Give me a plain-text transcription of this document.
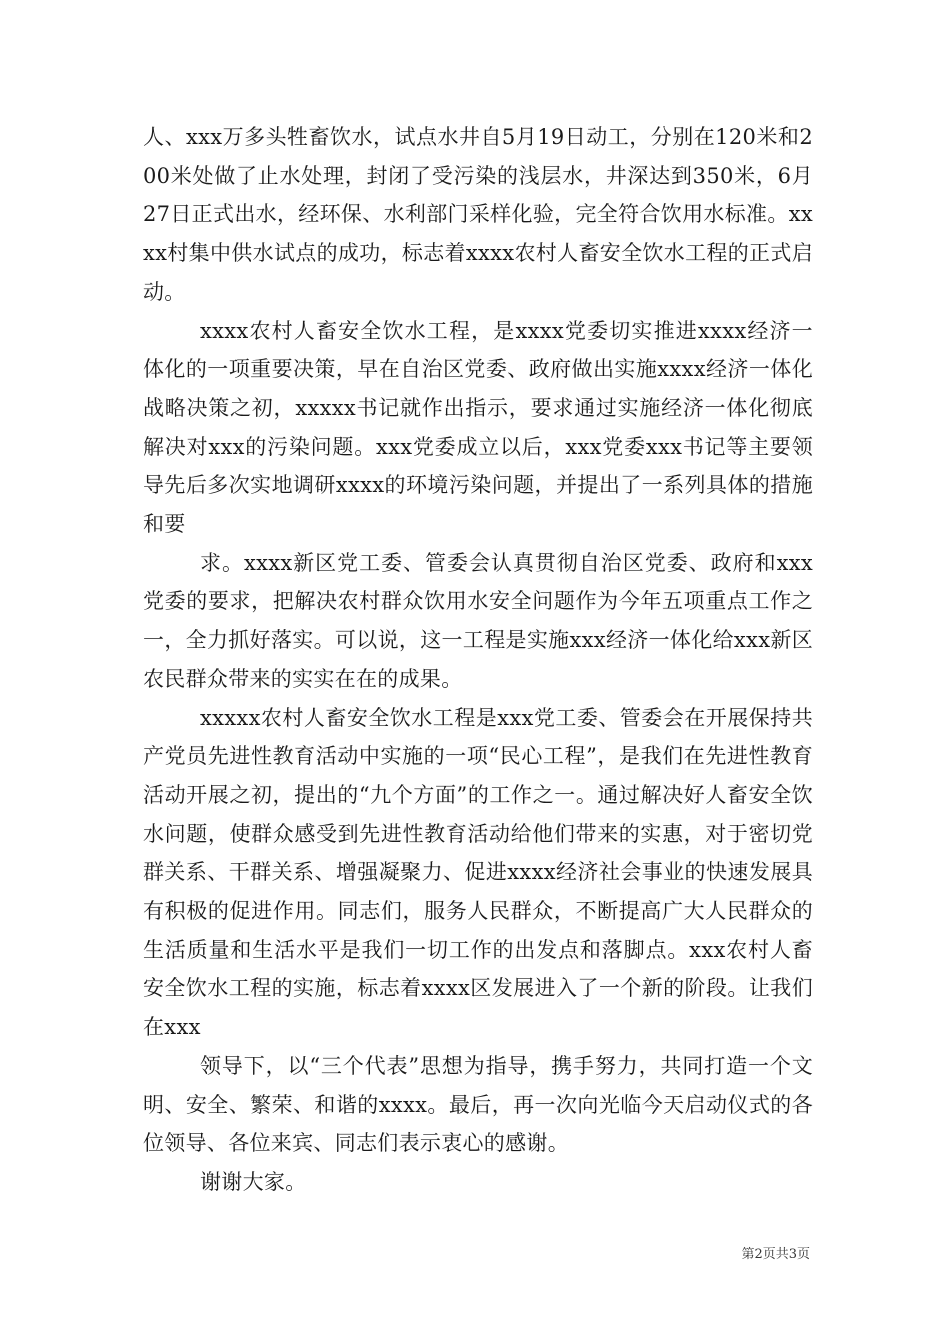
人、xxx万多头牲畜饮水，试点水井自5月19日动工，分别在120米和200米处做了止水处理，封闭了受污染的浅层水，井深达到350米，6月27日正式出水，经环保、水利部门采样化验，完全符合饮用水标准。xxxx村集中供水试点的成功，标志着xxxx农村人畜安全饮水工程的正式启动。

xxxx农村人畜安全饮水工程，是xxxx党委切实推进xxxx经济一体化的一项重要决策，早在自治区党委、政府做出实施xxxx经济一体化战略决策之初，xxxxx书记就作出指示，要求通过实施经济一体化彻底解决对xxx的污染问题。xxx党委成立以后，xxx党委xxx书记等主要领导先后多次实地调研xxxx的环境污染问题，并提出了一系列具体的措施和要

求。xxxx新区党工委、管委会认真贯彻自治区党委、政府和xxx党委的要求，把解决农村群众饮用水安全问题作为今年五项重点工作之一，全力抓好落实。可以说，这一工程是实施xxx经济一体化给xxx新区农民群众带来的实实在在的成果。

xxxxx农村人畜安全饮水工程是xxx党工委、管委会在开展保持共产党员先进性教育活动中实施的一项“民心工程”，是我们在先进性教育活动开展之初，提出的“九个方面”的工作之一。通过解决好人畜安全饮水问题，使群众感受到先进性教育活动给他们带来的实惠，对于密切党群关系、干群关系、增强凝聚力、促进xxxx经济社会事业的快速发展具有积极的促进作用。同志们，服务人民群众，不断提高广大人民群众的生活质量和生活水平是我们一切工作的出发点和落脚点。xxx农村人畜安全饮水工程的实施，标志着xxxx区发展进入了一个新的阶段。让我们在xxx

领导下，以“三个代表”思想为指导，携手努力，共同打造一个文明、安全、繁荣、和谐的xxxx。最后，再一次向光临今天启动仪式的各位领导、各位来宾、同志们表示衷心的感谢。

谢谢大家。

第2页共3页
